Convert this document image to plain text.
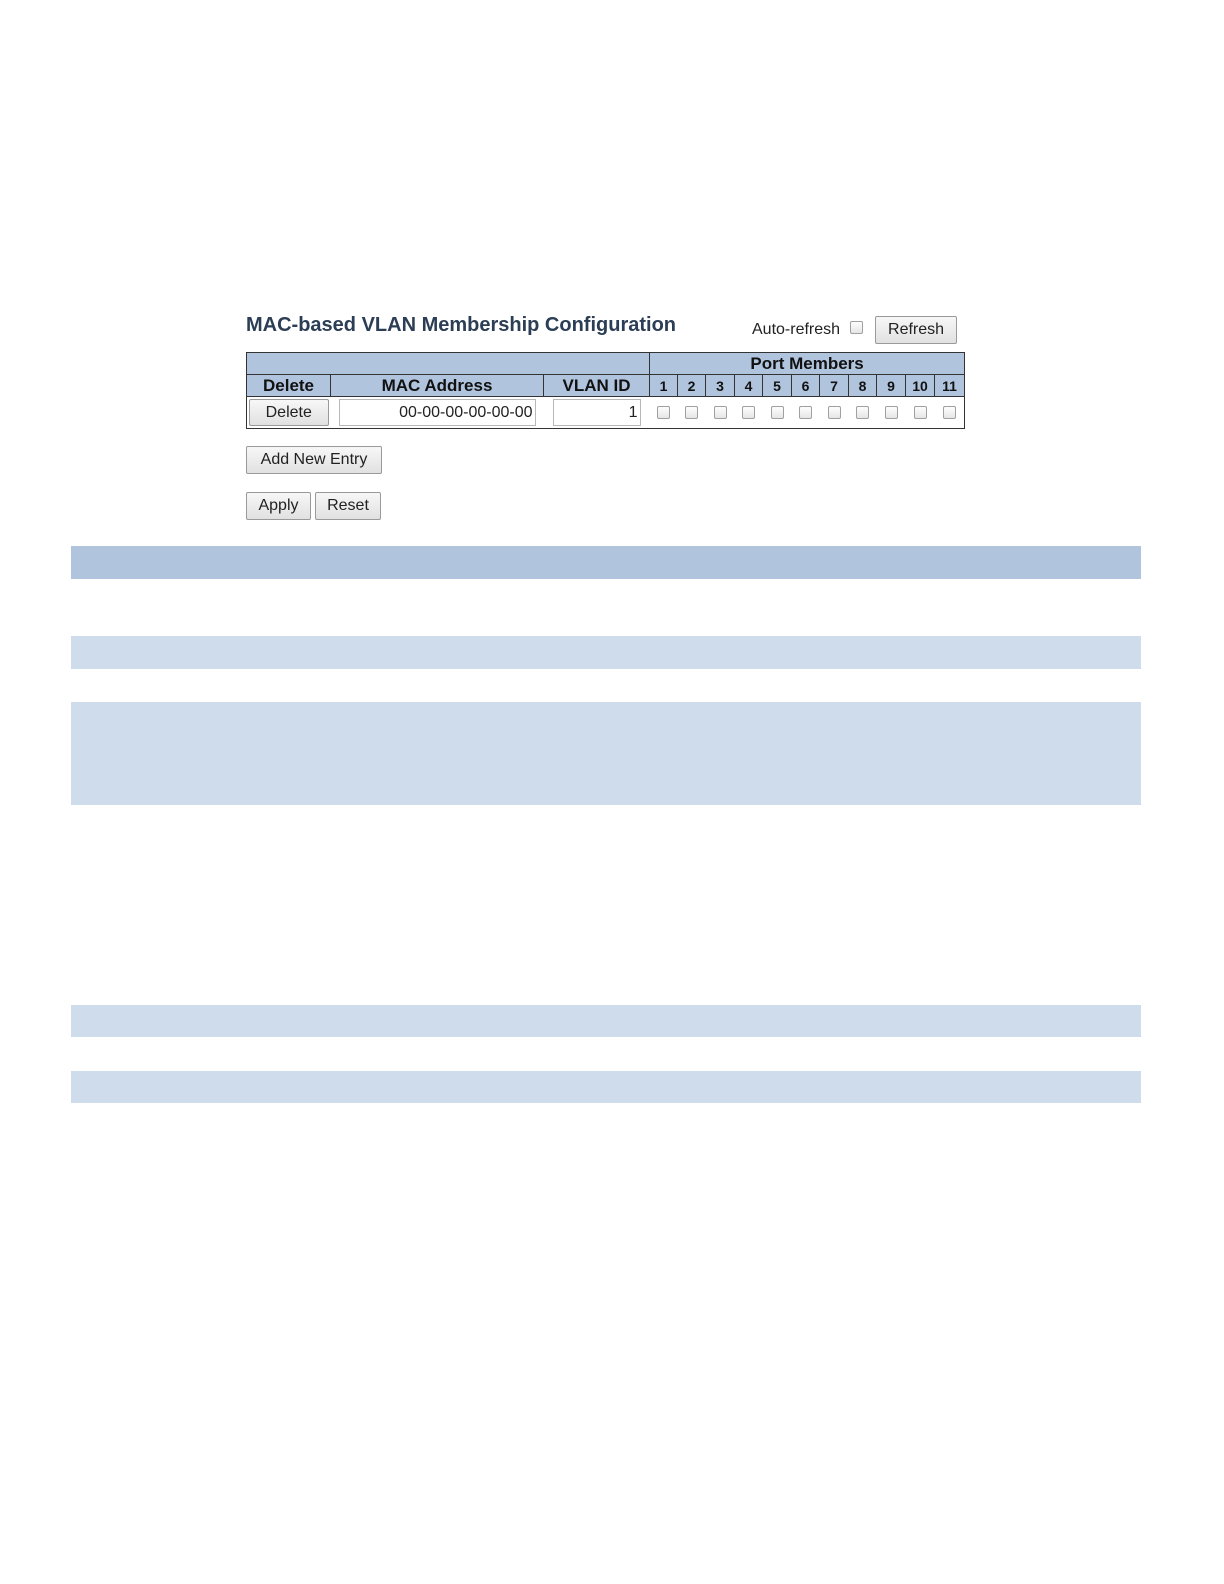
MAC-based VLAN Membership Configuration	Auto-refresh	Refresh
			Port Members										
Delete	MAC Address	VLAN ID	1	2	3	4	5	6	7	8	9	10	11
Delete	00-00-00-00-00-00	1											
Add New Entry
Apply	Reset
